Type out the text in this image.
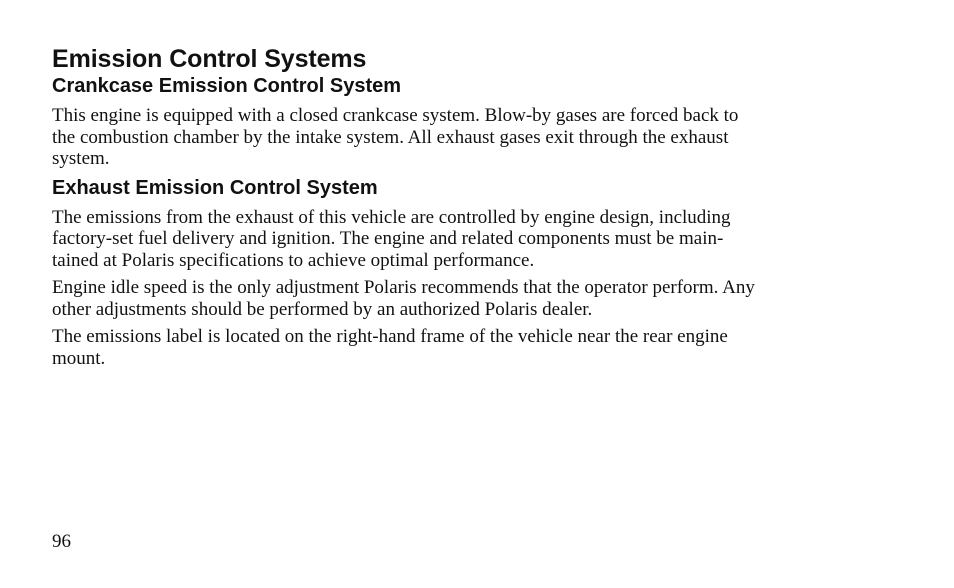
Emission Control Systems
Crankcase Emission Control System

This engine is equipped with a closed crankcase system. Blow-by gases are forced back to
the combustion chamber by the intake system. All exhaust gases exit through the exhaust
system.

Exhaust Emission Control System

The emissions from the exhaust of this vehicle are controlled by engine design, including
factory-set fuel delivery and ignition. The engine and related components must be main-
tained at Polaris specifications to achieve optimal performance.

Engine idle speed is the only adjustment Polaris recommends that the operator perform. Any
other adjustments should be performed by an authorized Polaris dealer.

The emissions label is located on the right-hand frame of the vehicle near the rear engine
mount.

96
